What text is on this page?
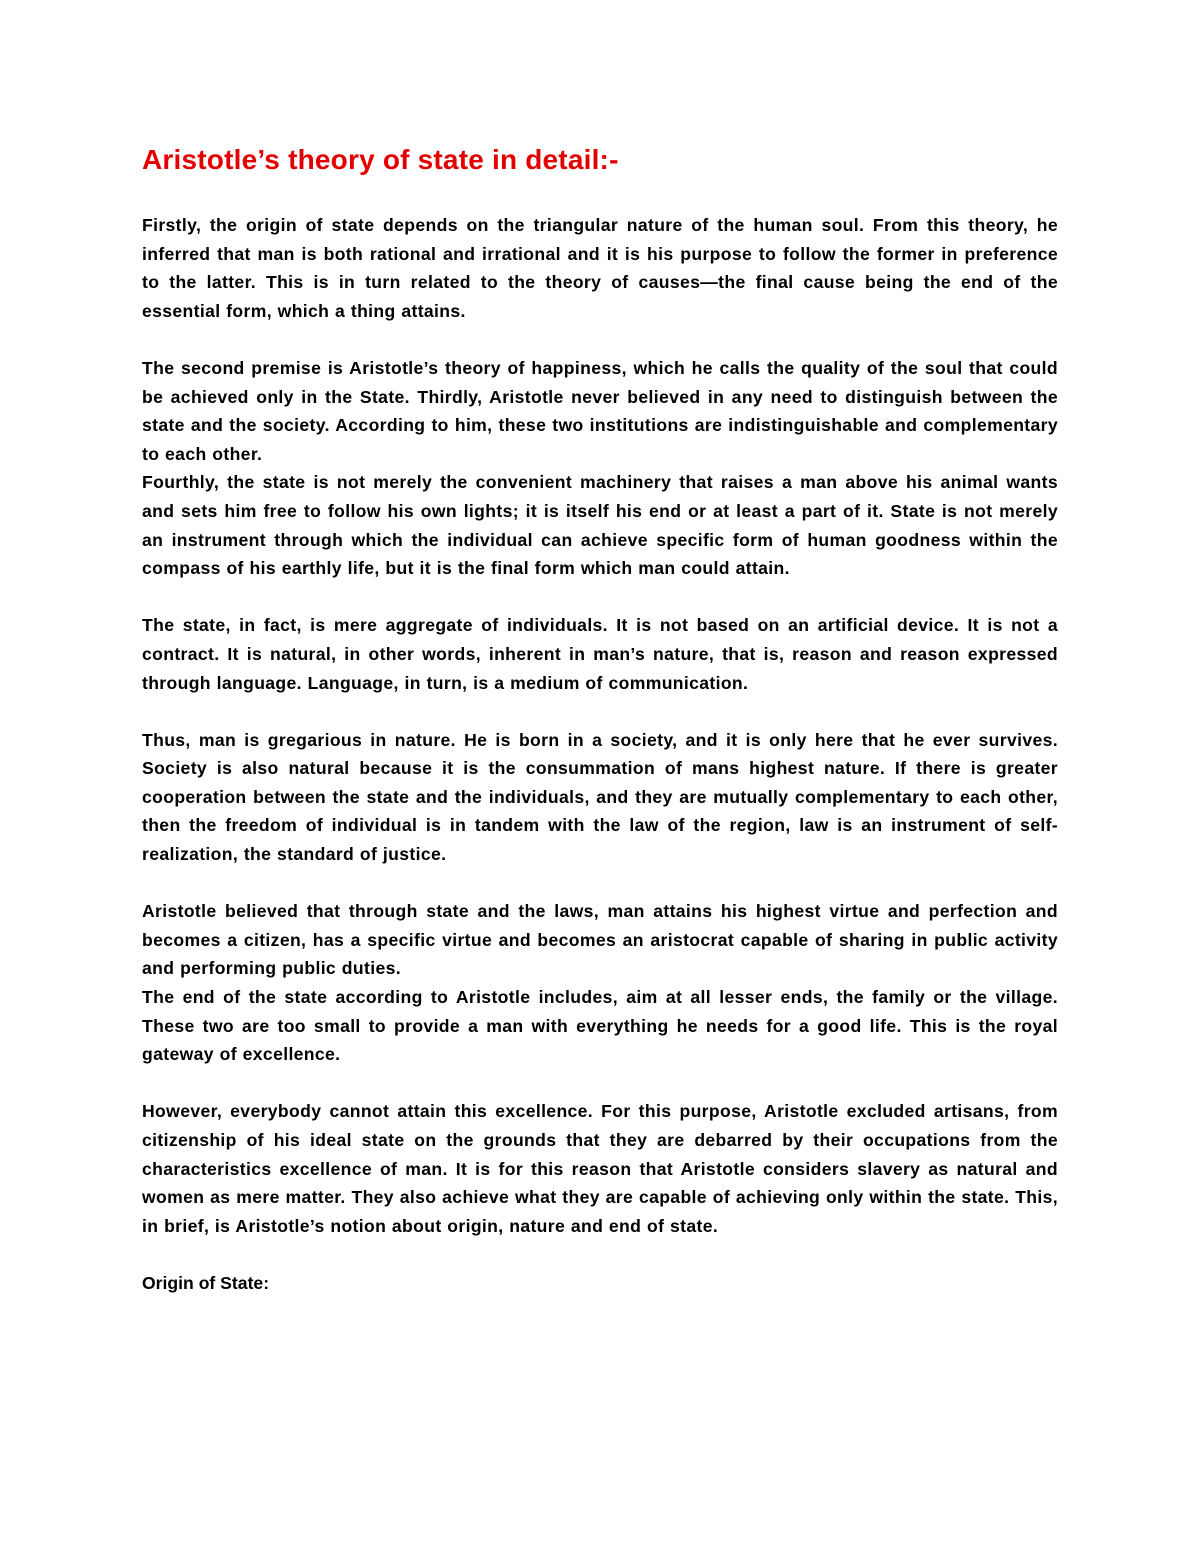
Aristotle’s theory of state in detail:-

Firstly, the origin of state depends on the triangular nature of the human soul. From this theory, he inferred that man is both rational and irrational and it is his purpose to follow the former in preference to the latter. This is in turn related to the theory of causes—the final cause being the end of the essential form, which a thing attains.

The second premise is Aristotle’s theory of happiness, which he calls the quality of the soul that could be achieved only in the State. Thirdly, Aristotle never believed in any need to distinguish between the state and the society. According to him, these two institutions are indistinguishable and complementary to each other.

Fourthly, the state is not merely the convenient machinery that raises a man above his animal wants and sets him free to follow his own lights; it is itself his end or at least a part of it. State is not merely an instrument through which the individual can achieve specific form of human goodness within the compass of his earthly life, but it is the final form which man could attain.

The state, in fact, is mere aggregate of individuals. It is not based on an artificial device. It is not a contract. It is natural, in other words, inherent in man’s nature, that is, reason and reason expressed through language. Language, in turn, is a medium of communication.

Thus, man is gregarious in nature. He is born in a society, and it is only here that he ever survives. Society is also natural because it is the consummation of mans highest nature. If there is greater cooperation between the state and the individuals, and they are mutually complementary to each other, then the freedom of individual is in tandem with the law of the region, law is an instrument of self-realization, the standard of justice.

Aristotle believed that through state and the laws, man attains his highest virtue and perfection and becomes a citizen, has a specific virtue and becomes an aristocrat capable of sharing in public activity and performing public duties.

The end of the state according to Aristotle includes, aim at all lesser ends, the family or the village. These two are too small to provide a man with everything he needs for a good life. This is the royal gateway of excellence.

However, everybody cannot attain this excellence. For this purpose, Aristotle excluded artisans, from citizenship of his ideal state on the grounds that they are debarred by their occupations from the characteristics excellence of man. It is for this reason that Aristotle considers slavery as natural and women as mere matter. They also achieve what they are capable of achieving only within the state. This, in brief, is Aristotle’s notion about origin, nature and end of state.

Origin of State:
